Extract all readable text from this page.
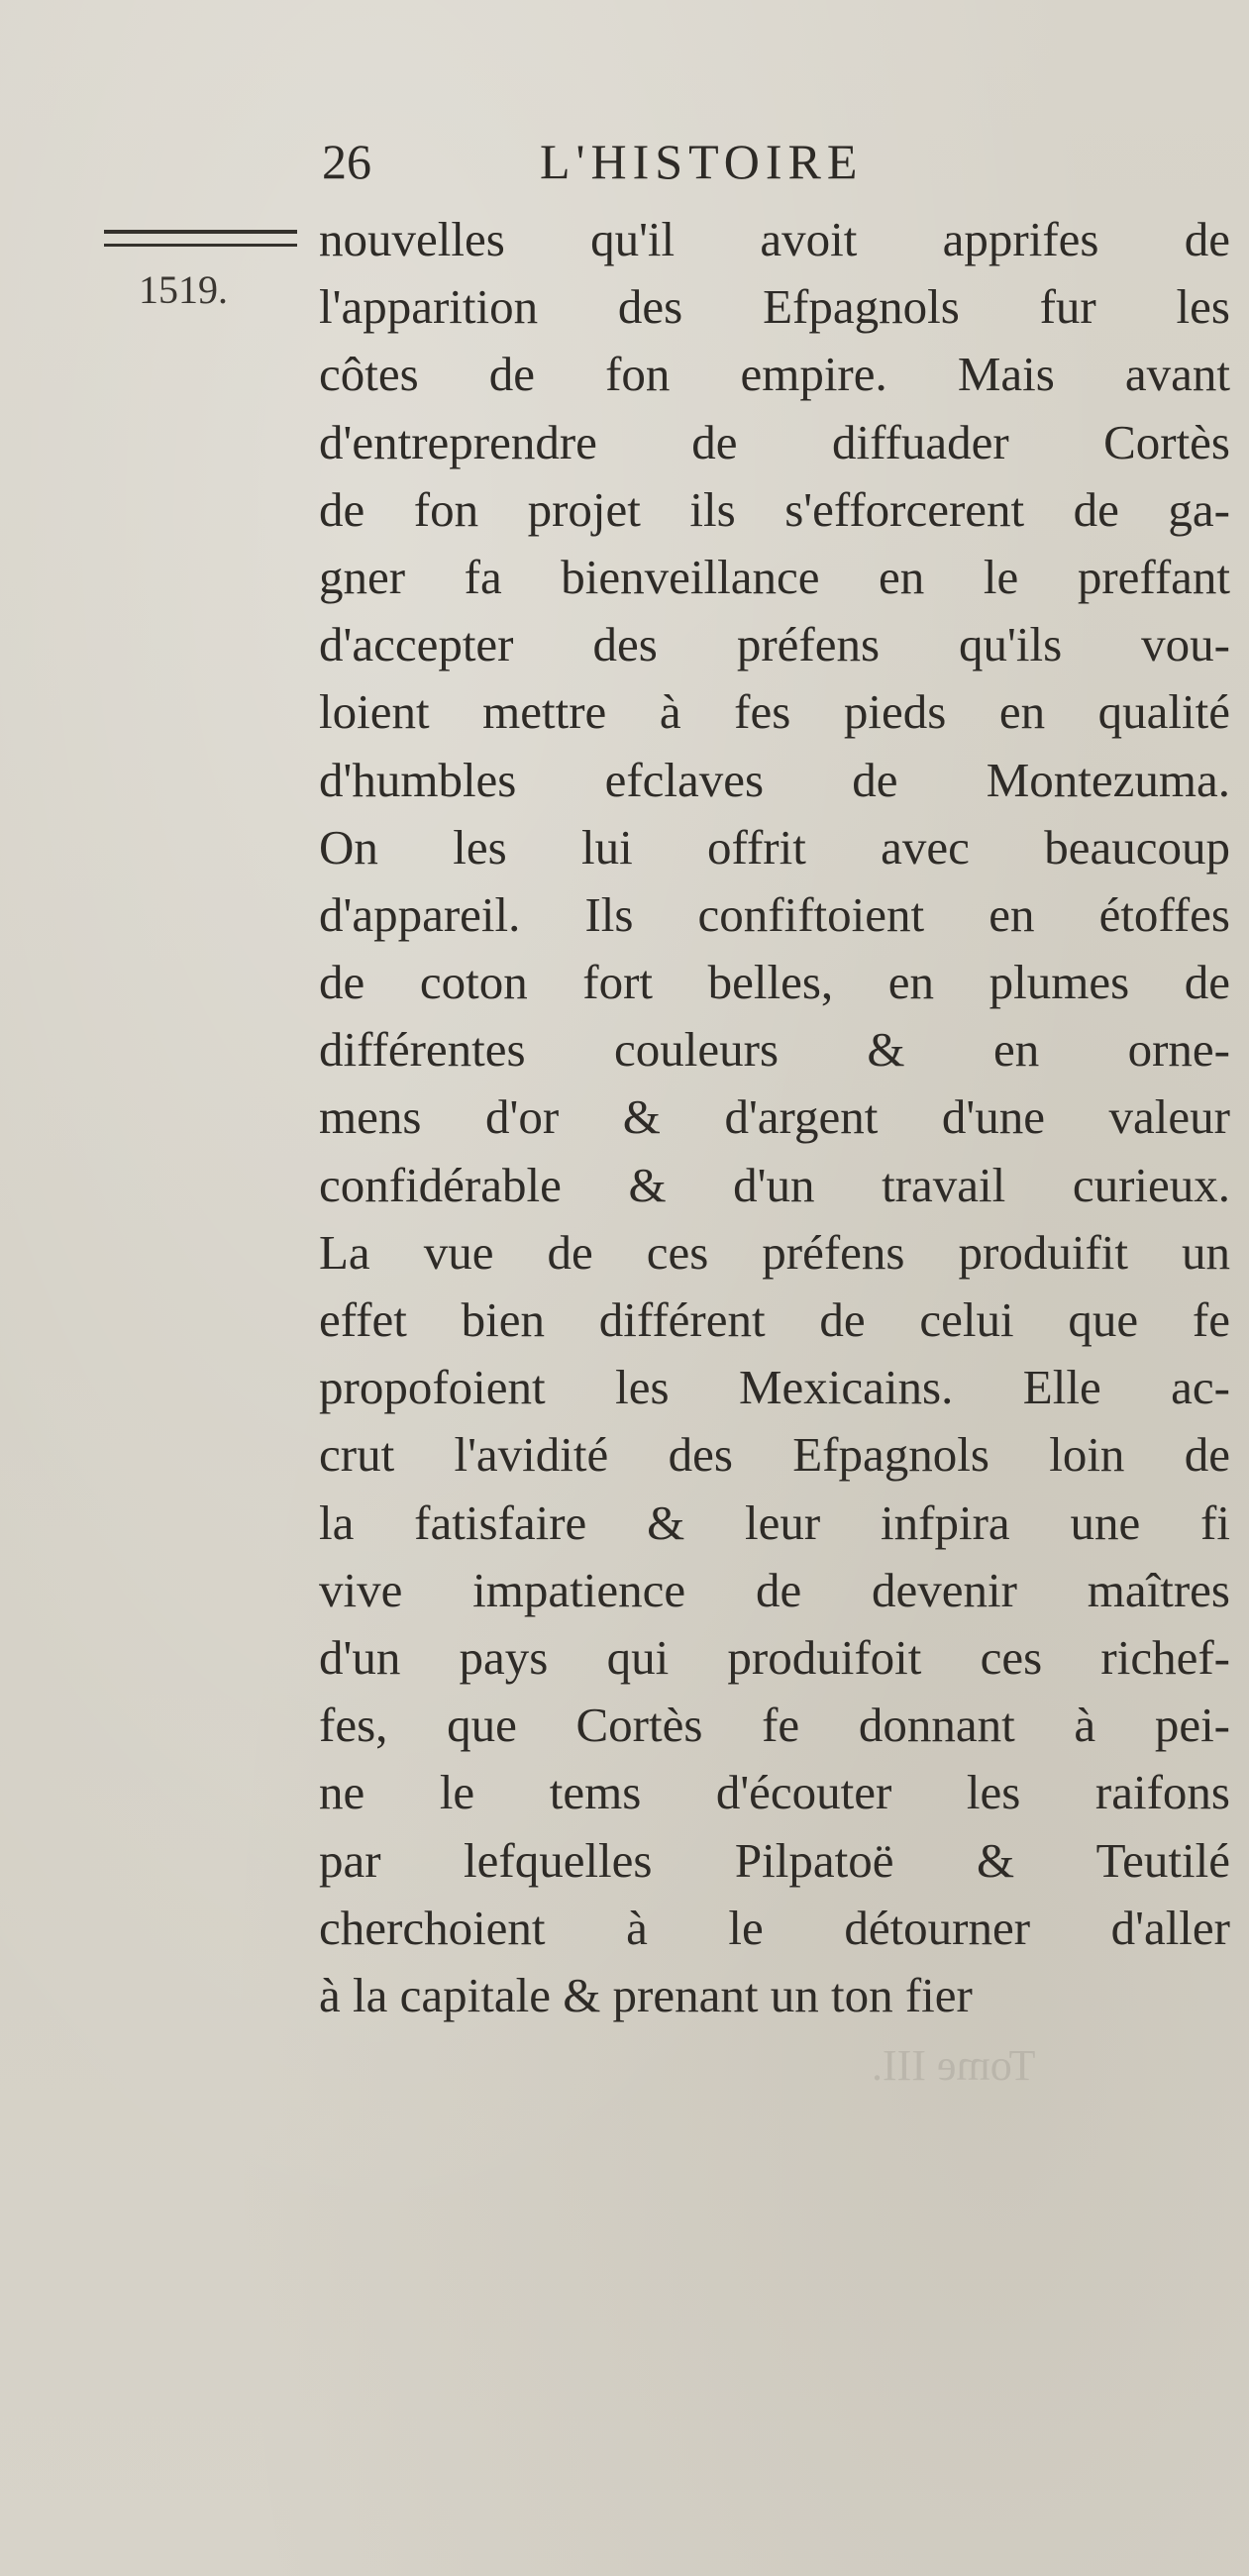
26	L'HISTOIRE
1519.
nouvelles qu'il avoit apprifes de
l'apparition des Efpagnols fur les
côtes de fon empire. Mais avant
d'entreprendre de diffuader Cortès
de fon projet ils s'efforcerent de ga-
gner fa bienveillance en le preffant
d'accepter des préfens qu'ils vou-
loient mettre à fes pieds en qualité
d'humbles efclaves de Montezuma.
On les lui offrit avec beaucoup
d'appareil. Ils confiftoient en étoffes
de coton fort belles, en plumes de
différentes couleurs & en orne-
mens d'or & d'argent d'une valeur
confidérable & d'un travail curieux.
La vue de ces préfens produifit un
effet bien différent de celui que fe
propofoient les Mexicains. Elle ac-
crut l'avidité des Efpagnols loin de
la fatisfaire & leur infpira une fi
vive impatience de devenir maîtres
d'un pays qui produifoit ces richef-
fes, que Cortès fe donnant à pei-
ne le tems d'écouter les raifons
par lefquelles Pilpatoë & Teutilé
cherchoient à le détourner d'aller
à la capitale & prenant un ton fier
Tome III.
